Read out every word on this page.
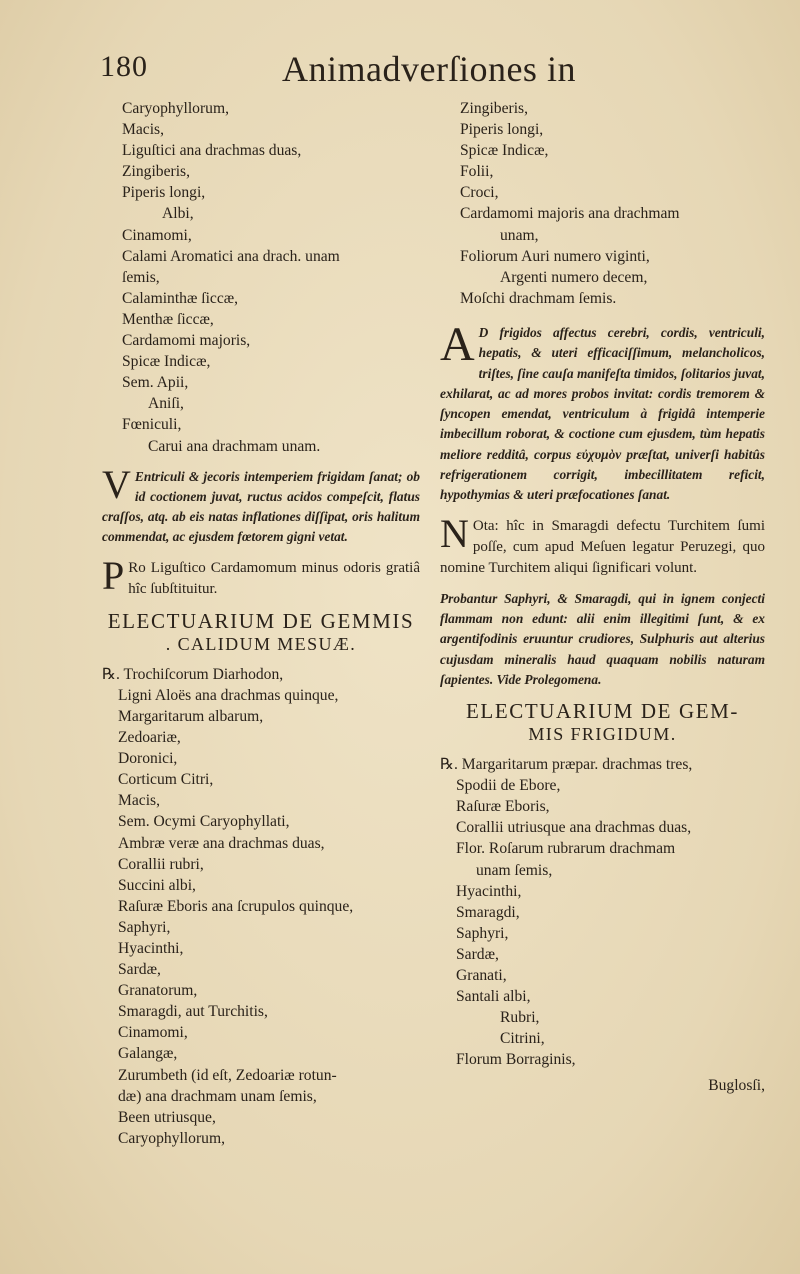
180	Animadverſiones in
Caryophyllorum,
Macis,
Liguſtici ana drachmas duas,
Zingiberis,
Piperis longi,
Albi,
Cinamomi,
Calami Aromatici ana drach. unam
ſemis,
Calaminthæ ſiccæ,
Menthæ ſiccæ,
Cardamomi majoris,
Spicæ Indicæ,
Sem. Apii,
Aniſi,
Fœniculi,
Carui ana drachmam unam.
V Entriculi & jecoris intemperiem frigidam ſanat; ob id coctionem juvat, ructus acidos compeſcit, flatus craſſos, atq. ab eis natas inflationes diſſipat, oris halitum commendat, ac ejusdem fœtorem gigni vetat.
P Ro Liguſtico Cardamomum minus odoris gratiâ hîc ſubſtituitur.
ELECTUARIUM DE GEMMIS
. CALIDUM MESUÆ.
℞. Trochiſcorum Diarhodon,
Ligni Aloës ana drachmas quinque,
Margaritarum albarum,
Zedoariæ,
Doronici,
Corticum Citri,
Macis,
Sem. Ocymi Caryophyllati,
Ambræ veræ ana drachmas duas,
Corallii rubri,
Succini albi,
Raſuræ Eboris ana ſcrupulos quinque,
Saphyri,
Hyacinthi,
Sardæ,
Granatorum,
Smaragdi, aut Turchitis,
Cinamomi,
Galangæ,
Zurumbeth (id eſt, Zedoariæ rotun-
dæ) ana drachmam unam ſemis,
Been utriusque,
Caryophyllorum,
Zingiberis,
Piperis longi,
Spicæ Indicæ,
Folii,
Croci,
Cardamomi majoris ana drachmam
unam,
Foliorum Auri numero viginti,
Argenti numero decem,
Moſchi drachmam ſemis.
A D frigidos affectus cerebri, cordis, ventriculi, hepatis, & uteri efficaciſſimum, melancholicos, triſtes, ſine cauſa manifeſta timidos, ſolitarios juvat, exhilarat, ac ad mores probos invitat: cordis tremorem & ſyncopen emendat, ventriculum à frigidâ intemperie imbecillum roborat, & coctione cum ejusdem, tùm hepatis meliore redditâ, corpus εὐχυμὸν præſtat, univerſi habitûs refrigerationem corrigit, imbecillitatem reficit, hypothymias & uteri præfocationes ſanat.
N Ota: hîc in Smaragdi defectu Turchitem ſumi poſſe, cum apud Meſuen legatur Peruzegi, quo nomine Turchitem aliqui ſignificari volunt.
Probantur Saphyri, & Smaragdi, qui in ignem conjecti flammam non edunt: alii enim illegitimi ſunt, & ex argentifodinis eruuntur crudiores, Sulphuris aut alterius cujusdam mineralis haud quaquam nobilis naturam ſapientes. Vide Prolegomena.
ELECTUARIUM DE GEM-
MIS FRIGIDUM.
℞. Margaritarum præpar. drachmas tres,
Spodii de Ebore,
Raſuræ Eboris,
Corallii utriusque ana drachmas duas,
Flor. Roſarum rubrarum drachmam
unam ſemis,
Hyacinthi,
Smaragdi,
Saphyri,
Sardæ,
Granati,
Santali albi,
Rubri,
Citrini,
Florum Borraginis,
Buglosſi,
